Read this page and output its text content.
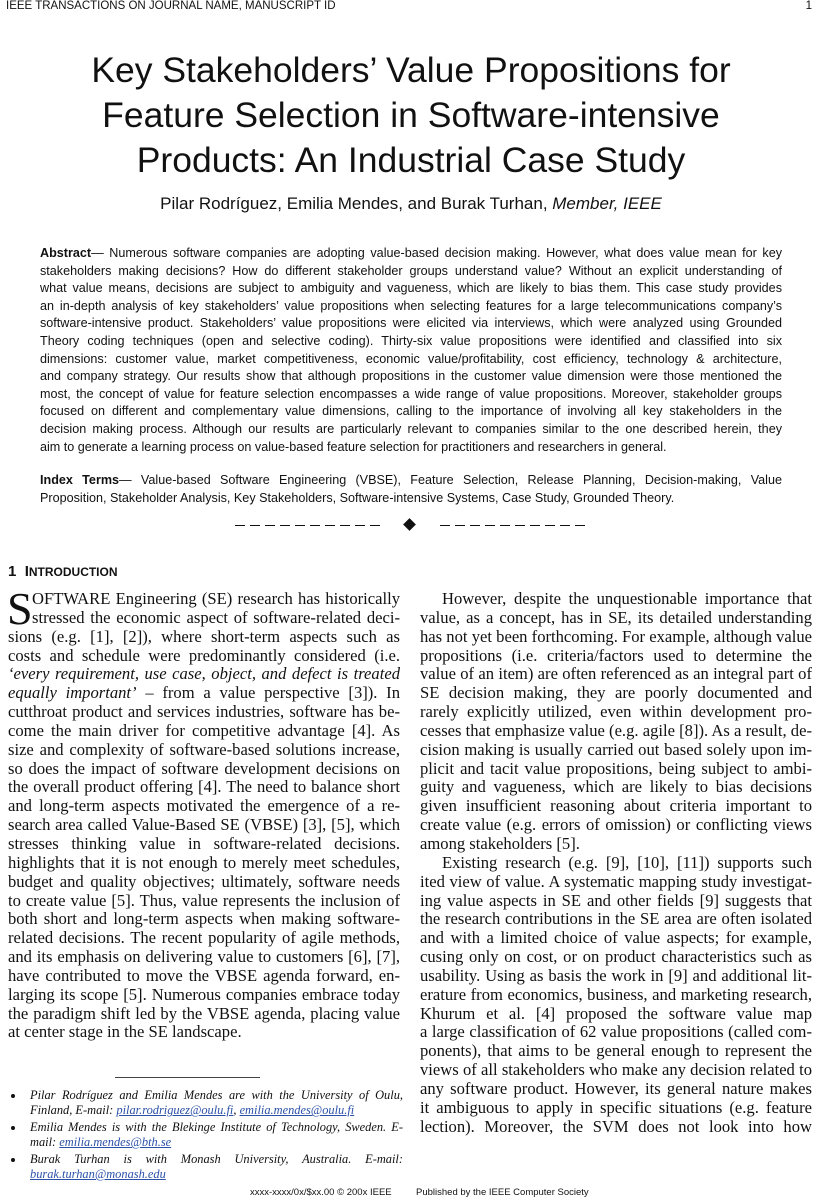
IEEE TRANSACTIONS ON JOURNAL NAME, MANUSCRIPT ID	1
Key Stakeholders’ Value Propositions for
Feature Selection in Software-intensive
Products: An Industrial Case Study
Pilar Rodríguez, Emilia Mendes, and Burak Turhan, Member, IEEE
Abstract— Numerous software companies are adopting value-based decision making. However, what does value mean for key
stakeholders making decisions? How do different stakeholder groups understand value? Without an explicit understanding of
what value means, decisions are subject to ambiguity and vagueness, which are likely to bias them. This case study provides
an in-depth analysis of key stakeholders’ value propositions when selecting features for a large telecommunications company’s
software-intensive product. Stakeholders’ value propositions were elicited via interviews, which were analyzed using Grounded
Theory coding techniques (open and selective coding). Thirty-six value propositions were identified and classified into six
dimensions: customer value, market competitiveness, economic value/profitability, cost efficiency, technology & architecture,
and company strategy. Our results show that although propositions in the customer value dimension were those mentioned the
most, the concept of value for feature selection encompasses a wide range of value propositions. Moreover, stakeholder groups
focused on different and complementary value dimensions, calling to the importance of involving all key stakeholders in the
decision making process. Although our results are particularly relevant to companies similar to the one described herein, they
aim to generate a learning process on value-based feature selection for practitioners and researchers in general.
Index Terms— Value-based Software Engineering (VBSE), Feature Selection, Release Planning, Decision-making, Value
Proposition, Stakeholder Analysis, Key Stakeholders, Software-intensive Systems, Case Study, Grounded Theory.
1 INTRODUCTION
S OFTWARE Engineering (SE) research has historically
stressed the economic aspect of software-related deci-
sions (e.g. [1], [2]), where short-term aspects such as
costs and schedule were predominantly considered (i.e.
‘every requirement, use case, object, and defect is treated
equally important’ – from a value perspective [3]). In
cutthroat product and services industries, software has be-
come the main driver for competitive advantage [4]. As
size and complexity of software-based solutions increase,
so does the impact of software development decisions on
the overall product offering [4]. The need to balance short
and long-term aspects motivated the emergence of a re-
search area called Value-Based SE (VBSE) [3], [5], which
stresses thinking value in software-related decisions.
highlights that it is not enough to merely meet schedules,
budget and quality objectives; ultimately, software needs
to create value [5]. Thus, value represents the inclusion of
both short and long-term aspects when making software-
related decisions. The recent popularity of agile methods,
and its emphasis on delivering value to customers [6], [7],
have contributed to move the VBSE agenda forward, en-
larging its scope [5]. Numerous companies embrace today
the paradigm shift led by the VBSE agenda, placing value
at center stage in the SE landscape.
However, despite the unquestionable importance that
value, as a concept, has in SE, its detailed understanding
has not yet been forthcoming. For example, although value
propositions (i.e. criteria/factors used to determine the
value of an item) are often referenced as an integral part of
SE decision making, they are poorly documented and
rarely explicitly utilized, even within development pro-
cesses that emphasize value (e.g. agile [8]). As a result, de-
cision making is usually carried out based solely upon im-
plicit and tacit value propositions, being subject to ambi-
guity and vagueness, which are likely to bias decisions
given insufficient reasoning about criteria important to
create value (e.g. errors of omission) or conflicting views
among stakeholders [5].
Existing research (e.g. [9], [10], [11]) supports such
ited view of value. A systematic mapping study investigat-
ing value aspects in SE and other fields [9] suggests that
the research contributions in the SE area are often isolated
and with a limited choice of value aspects; for example,
cusing only on cost, or on product characteristics such as
usability. Using as basis the work in [9] and additional lit-
erature from economics, business, and marketing research,
Khurum et al. [4] proposed the software value map
a large classification of 62 value propositions (called com-
ponents), that aims to be general enough to represent the
views of all stakeholders who make any decision related to
any software product. However, its general nature makes
it ambiguous to apply in specific situations (e.g. feature
lection). Moreover, the SVM does not look into how
Pilar Rodríguez and Emilia Mendes are with the University of Oulu, Finland, E-mail: pilar.rodriguez@oulu.fi, emilia.mendes@oulu.fi
Emilia Mendes is with the Blekinge Institute of Technology, Sweden. E-mail: emilia.mendes@bth.se
Burak Turhan is with Monash University, Australia. E-mail: burak.turhan@monash.edu
xxxx-xxxx/0x/$xx.00 © 200x IEEE	Published by the IEEE Computer Society
